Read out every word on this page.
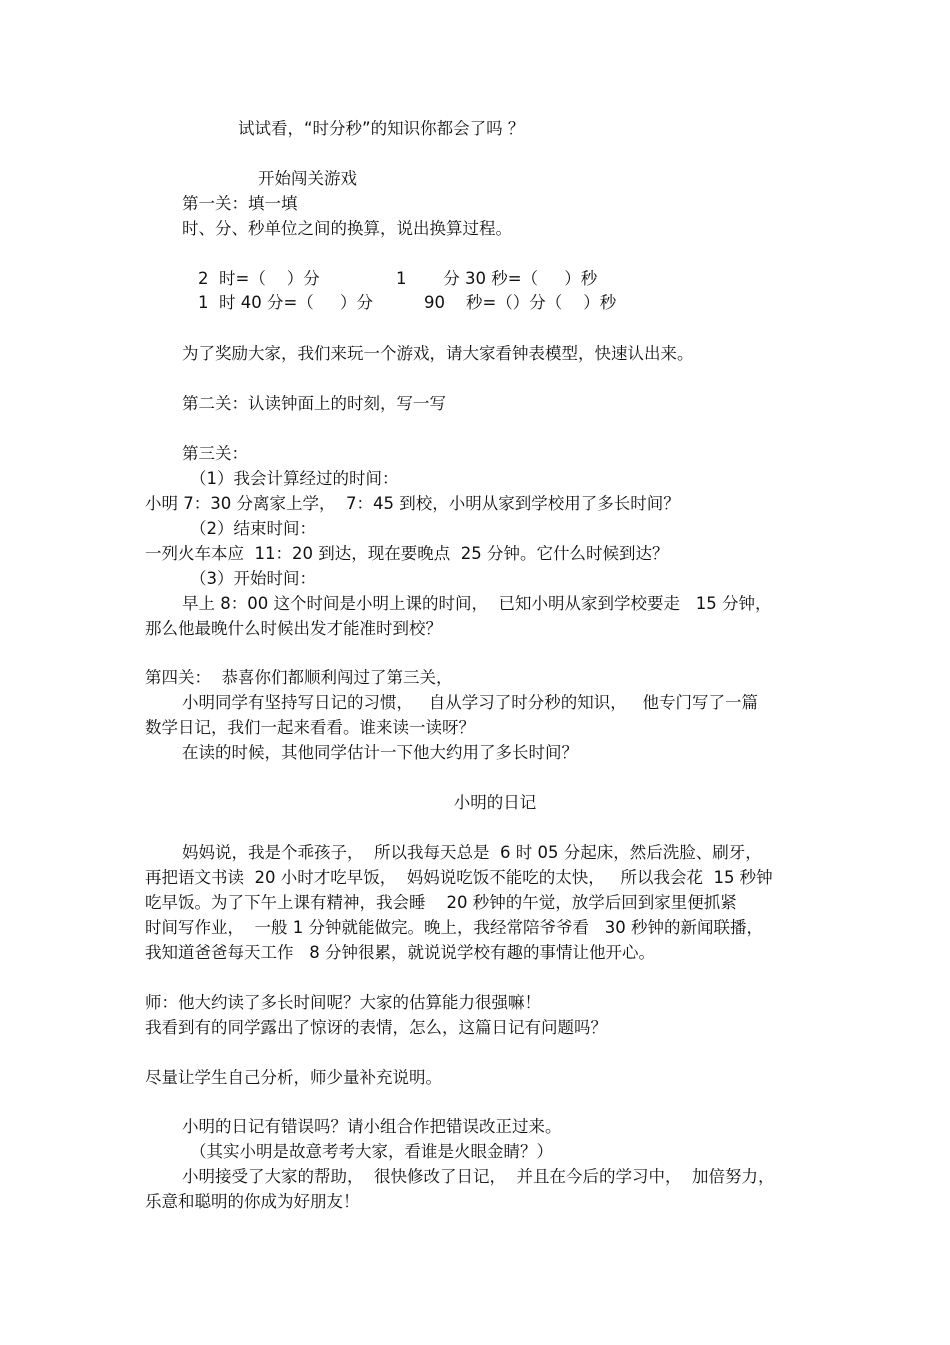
试试看，“时分秒”的知识你都会了吗 ？
开始闯关游戏
第一关：填一填
时、分、秒单位之间的换算，说出换算过程。
2  时=（    ）分	1       分 30 秒=（     ）秒
1  时 40 分=（     ）分	90    秒=（）分（    ）秒
为了奖励大家，我们来玩一个游戏，请大家看钟表模型，快速认出来。
第二关：认读钟面上的时刻，写一写
第三关：
（1）我会计算经过的时间：
小明 7：30 分离家上学，  7：45 到校，小明从家到学校用了多长时间？
（2）结束时间：
一列火车本应  11：20 到达，现在要晚点  25 分钟。它什么时候到达？
（3）开始时间：
早上 8：00 这个时间是小明上课的时间，  已知小明从家到学校要走   15 分钟，
那么他最晚什么时候出发才能准时到校？
第四关：  恭喜你们都顺利闯过了第三关，
小明同学有坚持写日记的习惯，   自从学习了时分秒的知识，   他专门写了一篇
数学日记，我们一起来看看。谁来读一读呀？
在读的时候，其他同学估计一下他大约用了多长时间？
小明的日记
妈妈说，我是个乖孩子，  所以我每天总是  6 时 05 分起床，然后洗脸、刷牙，
再把语文书读  20 小时才吃早饭，  妈妈说吃饭不能吃的太快，   所以我会花  15 秒钟
吃早饭。为了下午上课有精神，我会睡    20 秒钟的午觉，放学后回到家里便抓紧
时间写作业，  一般 1 分钟就能做完。晚上，我经常陪爷爷看   30 秒钟的新闻联播，
我知道爸爸每天工作   8 分钟很累，就说说学校有趣的事情让他开心。
师：他大约读了多长时间呢？大家的估算能力很强嘛！
我看到有的同学露出了惊讶的表情，怎么，这篇日记有问题吗？
尽量让学生自己分析，师少量补充说明。
小明的日记有错误吗？请小组合作把错误改正过来。
（其实小明是故意考考大家，看谁是火眼金睛？）
小明接受了大家的帮助，  很快修改了日记，  并且在今后的学习中，  加倍努力，
乐意和聪明的你成为好朋友！
